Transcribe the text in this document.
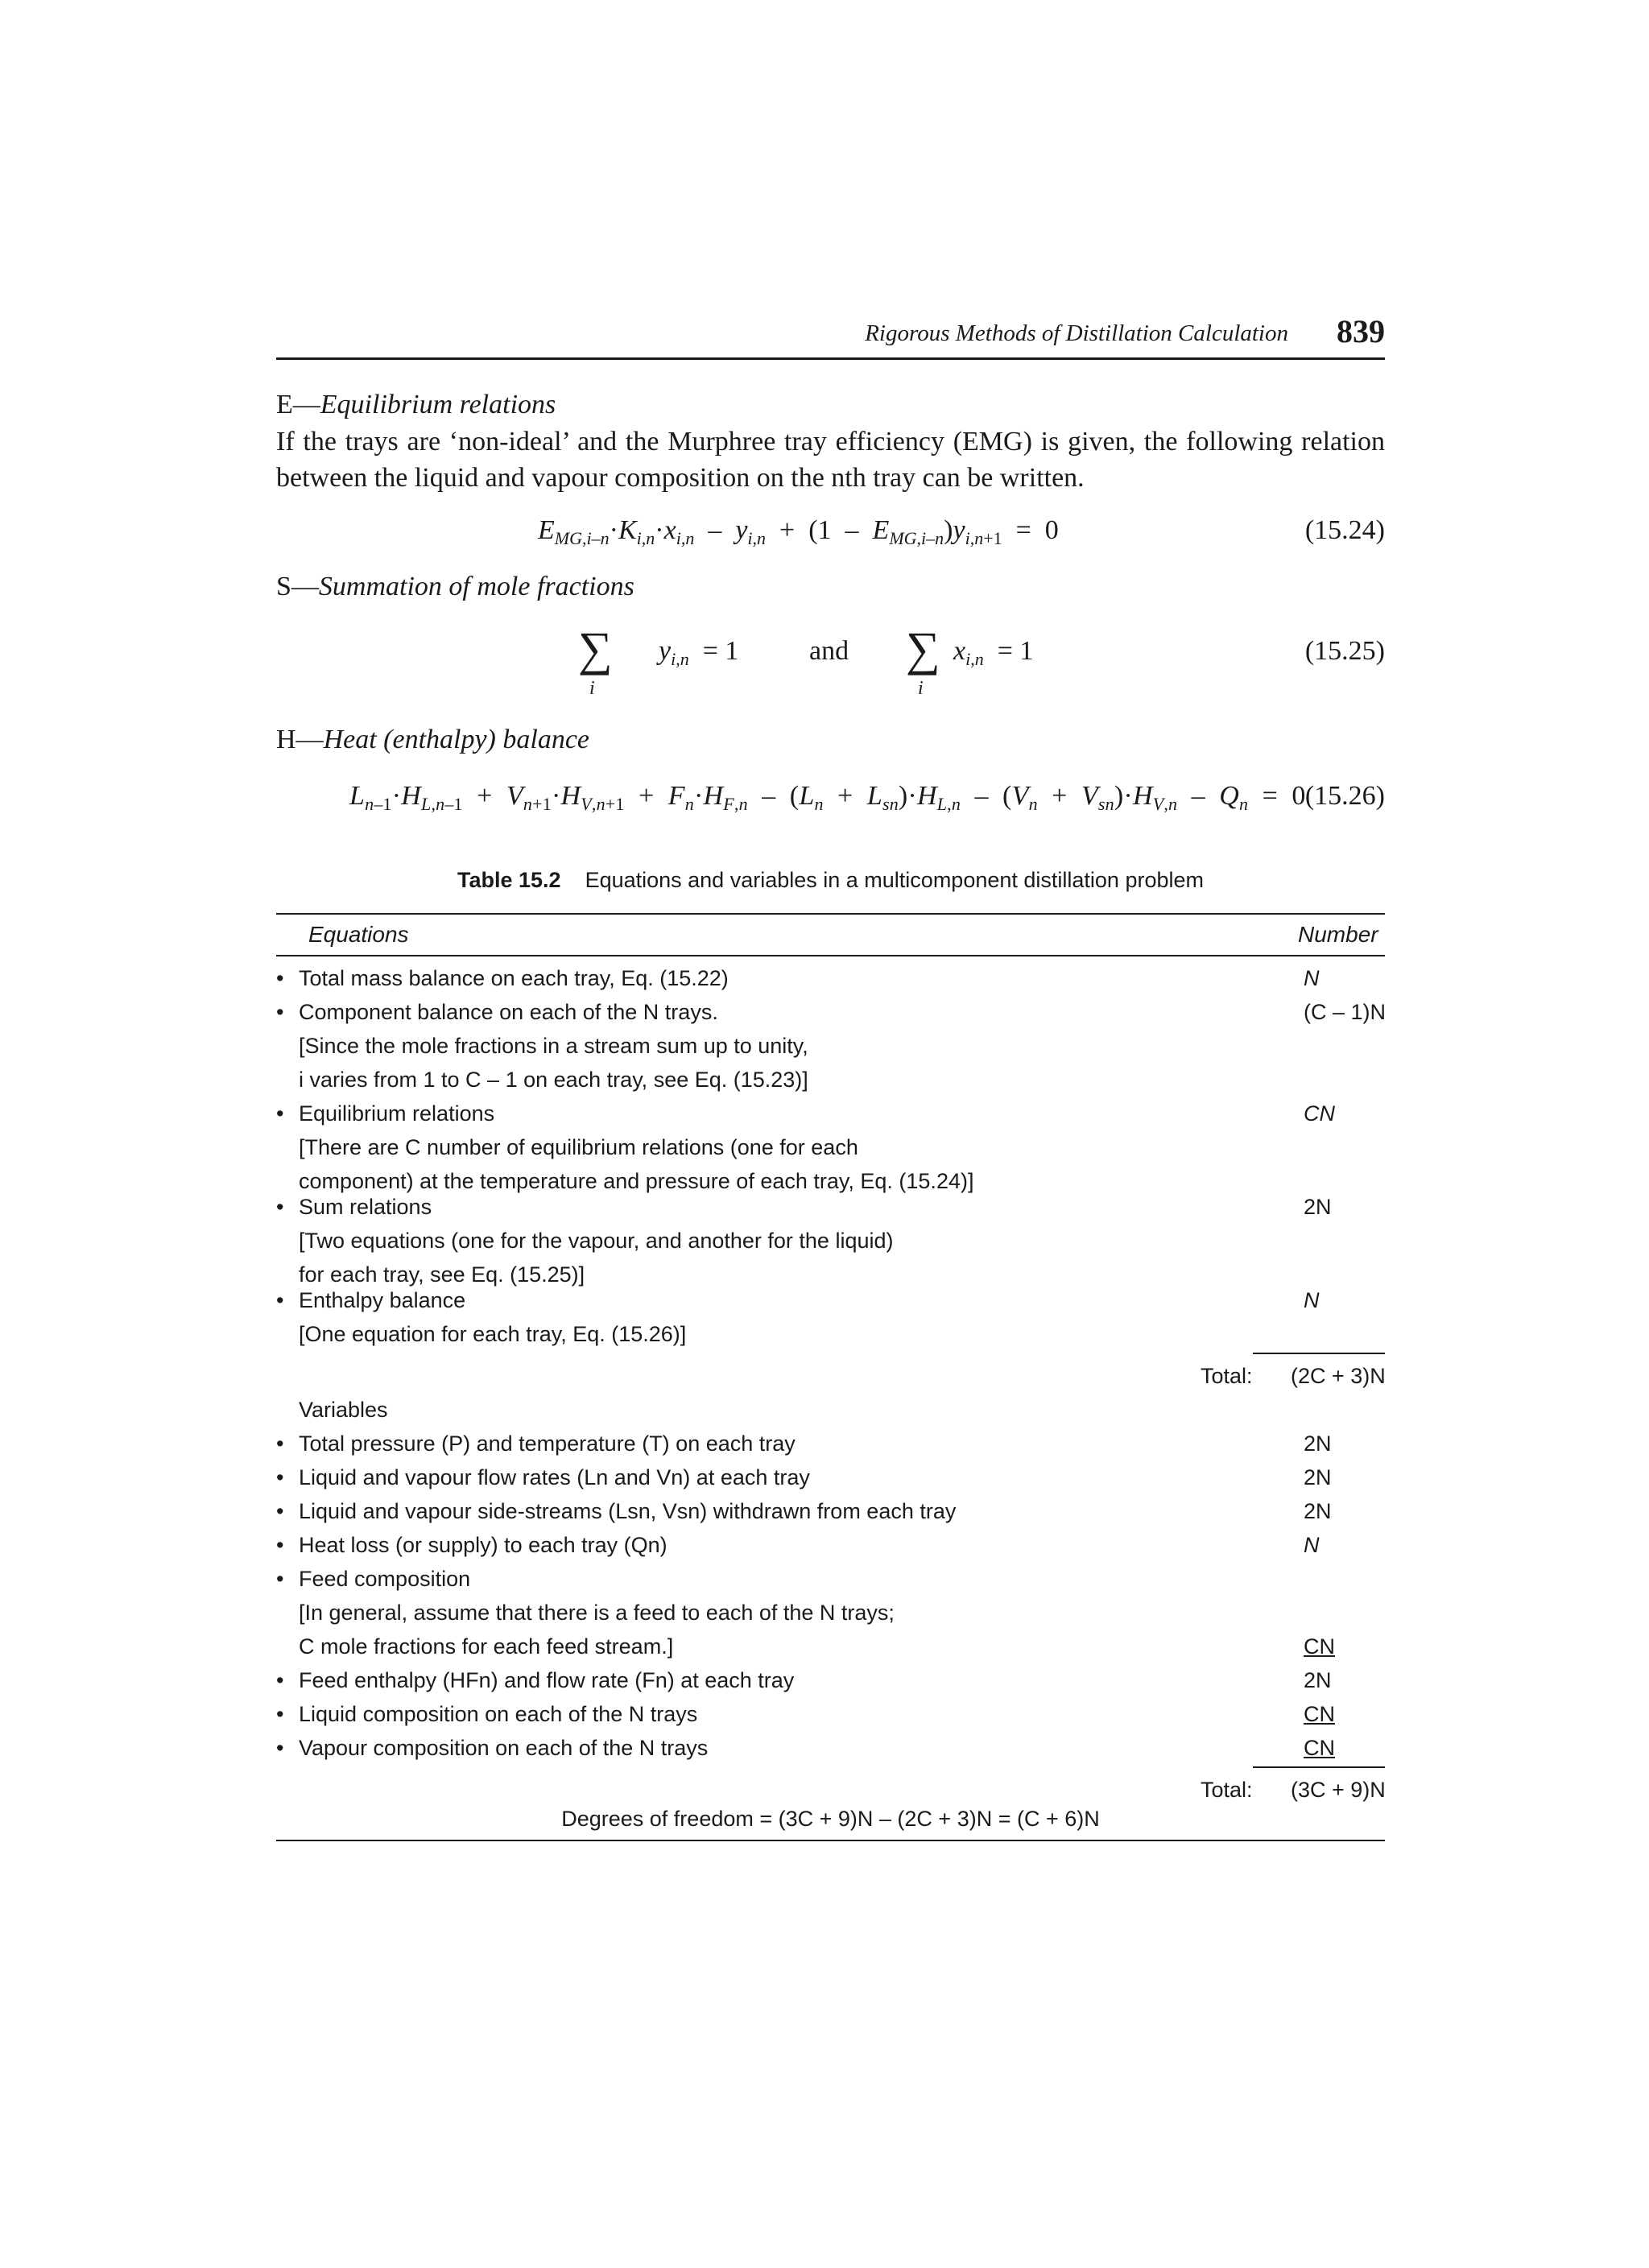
Rigorous Methods of Distillation Calculation	839
E—Equilibrium relations
If the trays are ‘non-ideal’ and the Murphree tray efficiency (EMG) is given, the following relation between the liquid and vapour composition on the nth tray can be written.
$E_{MG,i-n}\cdot K_{i,n}\cdot x_{i,n} - y_{i,n} + (1 - E_{MG,i-n})y_{i,n+1} = 0$	(15.24)
S—Summation of mole fractions
∑
i
$y_{i,n} = 1$	and ∑
i
$x_{i,n} = 1$	(15.25)
H—Heat (enthalpy) balance
$L_{n-1}\cdot H_{L,n-1} + V_{n+1}\cdot H_{V,n+1} + F_n\cdot H_{F,n} - (L_n + L_{sn})\cdot H_{L,n} - (V_n + V_{sn})\cdot H_{V,n} - Q_n = 0$ (15.26)
Table 15.2 Equations and variables in a multicomponent distillation problem
Equations	Number
• Total mass balance on each tray, Eq. (15.22)	N
• Component balance on each of the N trays.	(C – 1)N
[Since the mole fractions in a stream sum up to unity,
i varies from 1 to C – 1 on each tray, see Eq. (15.23)]
• Equilibrium relations	CN
[There are C number of equilibrium relations (one for each
component) at the temperature and pressure of each tray, Eq. (15.24)]
• Sum relations	2N
[Two equations (one for the vapour, and another for the liquid)
for each tray, see Eq. (15.25)]
• Enthalpy balance	N
[One equation for each tray, Eq. (15.26)]
Total: (2C + 3)N
Variables
• Total pressure (P) and temperature (T) on each tray	2N
• Liquid and vapour flow rates (Ln and Vn) at each tray	2N
• Liquid and vapour side-streams (Lsn, Vsn) withdrawn from each tray	2N
• Heat loss (or supply) to each tray (Qn)	N
• Feed composition
[In general, assume that there is a feed to each of the N trays;
C mole fractions for each feed stream.]	CN
• Feed enthalpy (HFn) and flow rate (Fn) at each tray	2N
• Liquid composition on each of the N trays	CN
• Vapour composition on each of the N trays	CN
Total: (3C + 9)N
Degrees of freedom = (3C + 9)N – (2C + 3)N = (C + 6)N
